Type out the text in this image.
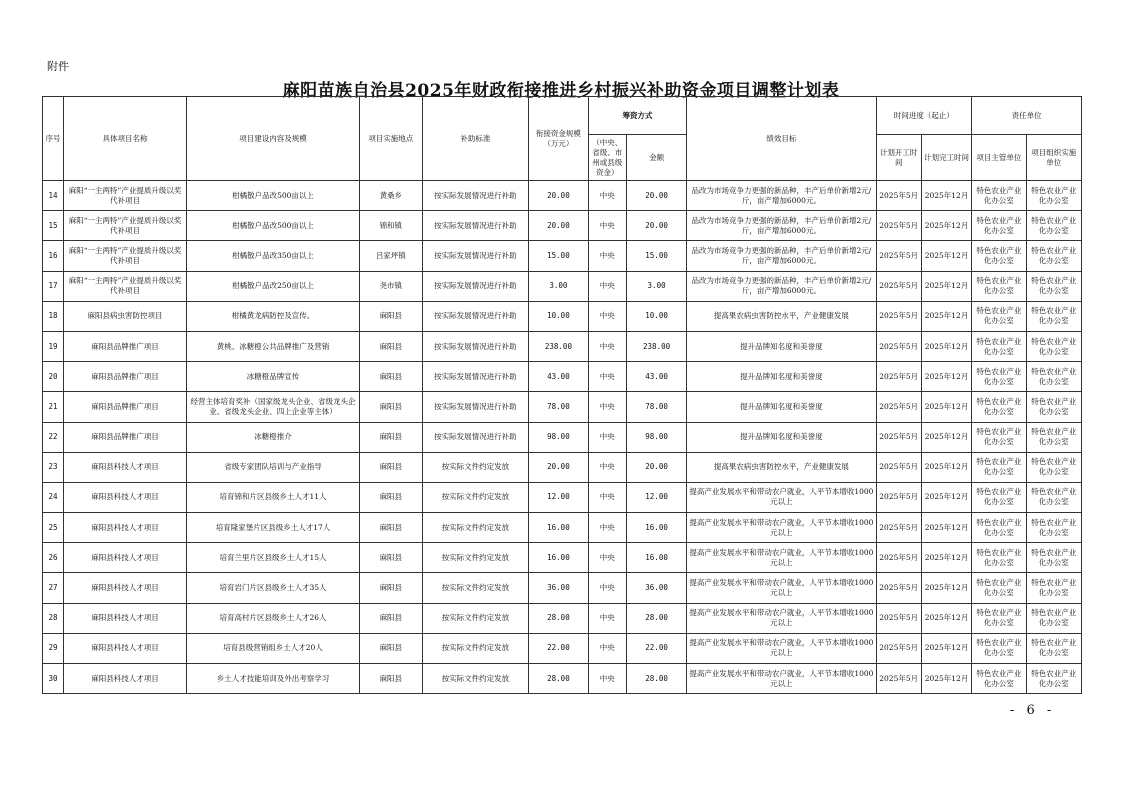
附件
麻阳苗族自治县2025年财政衔接推进乡村振兴补助资金项目调整计划表
序号	具体项目名称	项目建设内容及规模	项目实施地点	补助标准	衔接资金规模（万元）	筹资方式		绩效目标	时间进度（起止）		责任单位	
						（中央、省级、市州或县级资金）	金额		计划开工时间	计划完工时间	项目主管单位	项目组织实施单位

14	麻阳“一主两特”产业提质升级以奖代补项目	柑橘散户品改500亩以上	黄桑乡	按实际发展情况进行补助	20.00	中央	20.00	品改为市场竞争力更强的新品种，丰产后单价新增2元/斤，亩产增加6000元。	2025年5月	2025年12月	特色农业产业化办公室	特色农业产业化办公室
15	麻阳“一主两特”产业提质升级以奖代补项目	柑橘散户品改500亩以上	锦和镇	按实际发展情况进行补助	20.00	中央	20.00	品改为市场竞争力更强的新品种，丰产后单价新增2元/斤，亩产增加6000元。	2025年5月	2025年12月	特色农业产业化办公室	特色农业产业化办公室
16	麻阳“一主两特”产业提质升级以奖代补项目	柑橘散户品改350亩以上	吕家坪镇	按实际发展情况进行补助	15.00	中央	15.00	品改为市场竞争力更强的新品种，丰产后单价新增2元/斤，亩产增加6000元。	2025年5月	2025年12月	特色农业产业化办公室	特色农业产业化办公室
17	麻阳“一主两特”产业提质升级以奖代补项目	柑橘散户品改250亩以上	尧市镇	按实际发展情况进行补助	3.00	中央	3.00	品改为市场竞争力更强的新品种，丰产后单价新增2元/斤，亩产增加6000元。	2025年5月	2025年12月	特色农业产业化办公室	特色农业产业化办公室
18	麻阳县病虫害防控项目	柑橘黄龙病防控及宣传。	麻阳县	按实际发展情况进行补助	10.00	中央	10.00	提高果农病虫害防控水平，产业健康发展	2025年5月	2025年12月	特色农业产业化办公室	特色农业产业化办公室
19	麻阳县品牌推广项目	黄桃、冰糖橙公共品牌推广及营销	麻阳县	按实际发展情况进行补助	238.00	中央	238.00	提升品牌知名度和美誉度	2025年5月	2025年12月	特色农业产业化办公室	特色农业产业化办公室
20	麻阳县品牌推广项目	冰糖橙品牌宣传	麻阳县	按实际发展情况进行补助	43.00	中央	43.00	提升品牌知名度和美誉度	2025年5月	2025年12月	特色农业产业化办公室	特色农业产业化办公室
21	麻阳县品牌推广项目	经营主体培育奖补（国家级龙头企业、省级龙头企业、省级龙头企业、四上企业等主体）	麻阳县	按实际发展情况进行补助	78.00	中央	78.00	提升品牌知名度和美誉度	2025年5月	2025年12月	特色农业产业化办公室	特色农业产业化办公室
22	麻阳县品牌推广项目	冰糖橙推介	麻阳县	按实际发展情况进行补助	98.00	中央	98.00	提升品牌知名度和美誉度	2025年5月	2025年12月	特色农业产业化办公室	特色农业产业化办公室
23	麻阳县科技人才项目	省级专家团队培训与产业指导	麻阳县	按实际文件约定发放	20.00	中央	20.00	提高果农病虫害防控水平，产业健康发展	2025年5月	2025年12月	特色农业产业化办公室	特色农业产业化办公室
24	麻阳县科技人才项目	培育锦和片区县级乡土人才11人	麻阳县	按实际文件约定发放	12.00	中央	12.00	提高产业发展水平和带动农户就业，人平节本增收1000元以上	2025年5月	2025年12月	特色农业产业化办公室	特色农业产业化办公室
25	麻阳县科技人才项目	培育隆家堡片区县级乡土人才17人	麻阳县	按实际文件约定发放	16.00	中央	16.00	提高产业发展水平和带动农户就业，人平节本增收1000元以上	2025年5月	2025年12月	特色农业产业化办公室	特色农业产业化办公室
26	麻阳县科技人才项目	培育兰里片区县级乡土人才15人	麻阳县	按实际文件约定发放	16.00	中央	16.00	提高产业发展水平和带动农户就业，人平节本增收1000元以上	2025年5月	2025年12月	特色农业产业化办公室	特色农业产业化办公室
27	麻阳县科技人才项目	培育岩门片区县级乡土人才35人	麻阳县	按实际文件约定发放	36.00	中央	36.00	提高产业发展水平和带动农户就业，人平节本增收1000元以上	2025年5月	2025年12月	特色农业产业化办公室	特色农业产业化办公室
28	麻阳县科技人才项目	培育高村片区县级乡土人才26人	麻阳县	按实际文件约定发放	28.00	中央	28.00	提高产业发展水平和带动农户就业，人平节本增收1000元以上	2025年5月	2025年12月	特色农业产业化办公室	特色农业产业化办公室
29	麻阳县科技人才项目	培育县级营销组乡土人才20人	麻阳县	按实际文件约定发放	22.00	中央	22.00	提高产业发展水平和带动农户就业，人平节本增收1000元以上	2025年5月	2025年12月	特色农业产业化办公室	特色农业产业化办公室
30	麻阳县科技人才项目	乡土人才技能培训及外出考察学习	麻阳县	按实际文件约定发放	28.00	中央	28.00	提高产业发展水平和带动农户就业，人平节本增收1000元以上	2025年5月	2025年12月	特色农业产业化办公室	特色农业产业化办公室
- 6 -
